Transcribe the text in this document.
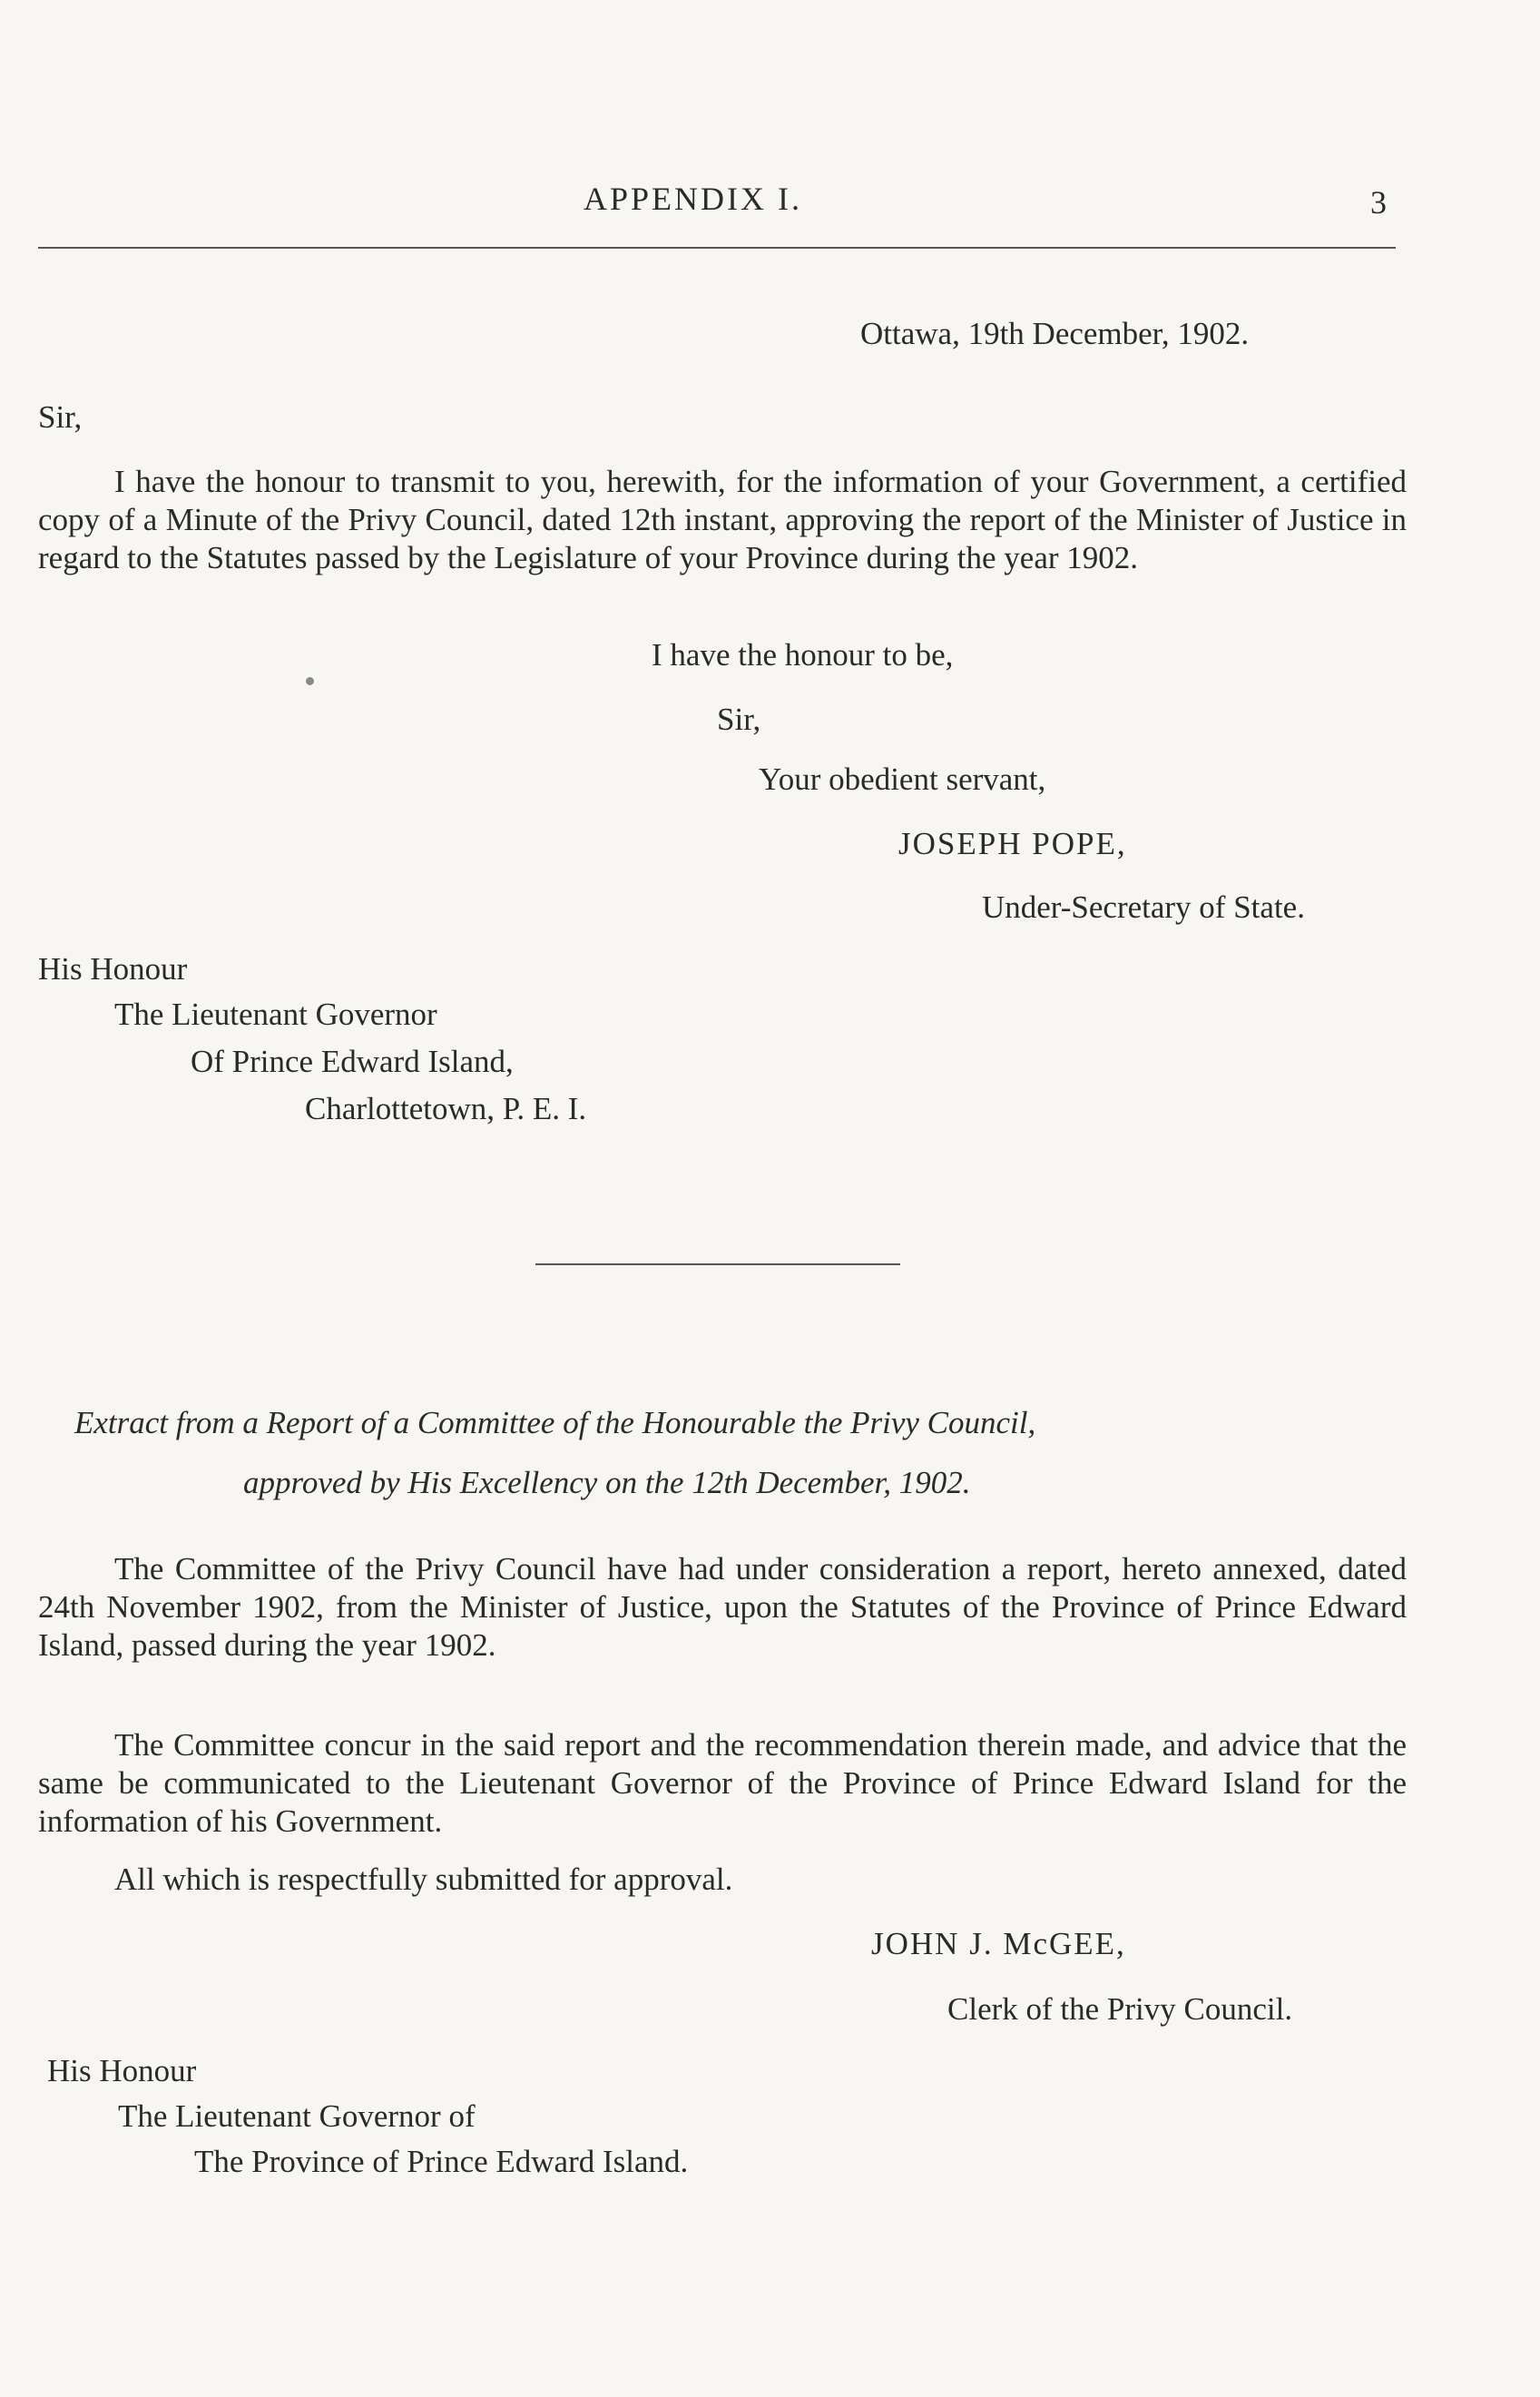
APPENDIX I.	3
Ottawa, 19th December, 1902.
Sir,
I have the honour to transmit to you, herewith, for the information of your Government, a certified copy of a Minute of the Privy Council, dated 12th instant, approving the report of the Minister of Justice in regard to the Statutes passed by the Legislature of your Province during the year 1902.
I have the honour to be,
Sir,
Your obedient servant,
JOSEPH POPE,
Under-Secretary of State.
His Honour
The Lieutenant Governor
Of Prince Edward Island,
Charlottetown, P. E. I.
Extract from a Report of a Committee of the Honourable the Privy Council,
approved by His Excellency on the 12th December, 1902.
The Committee of the Privy Council have had under consideration a report, hereto annexed, dated 24th November 1902, from the Minister of Justice, upon the Statutes of the Province of Prince Edward Island, passed during the year 1902.
The Committee concur in the said report and the recommendation therein made, and advice that the same be communicated to the Lieutenant Governor of the Province of Prince Edward Island for the information of his Government.
All which is respectfully submitted for approval.
JOHN J. McGEE,
Clerk of the Privy Council.
His Honour
The Lieutenant Governor of
The Province of Prince Edward Island.
